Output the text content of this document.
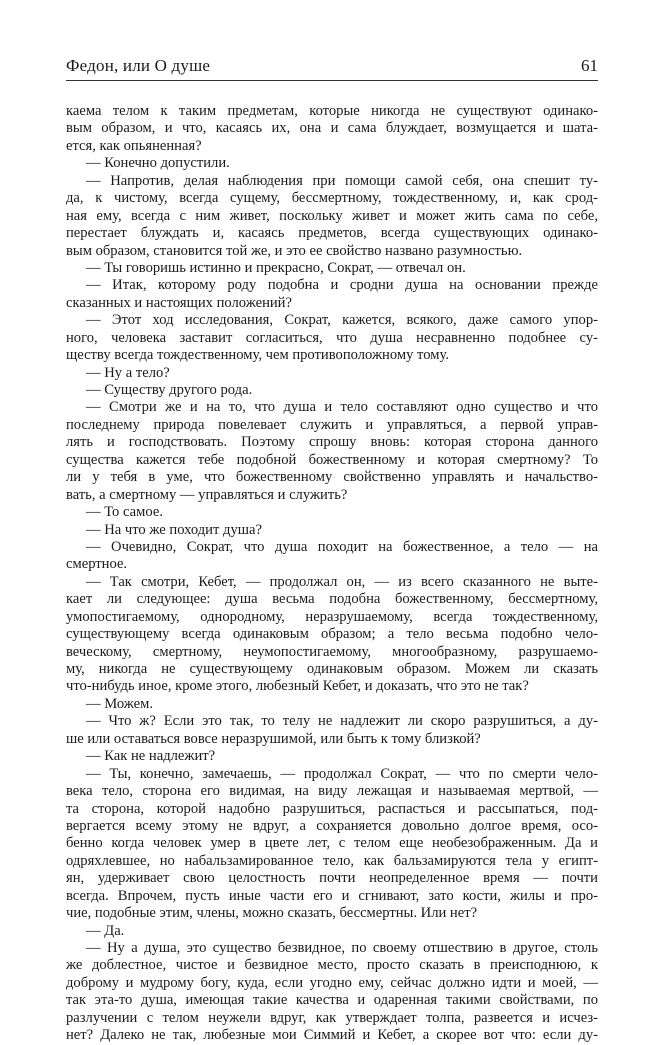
Федон, или О душе	61
каема телом к таким предметам, которые никогда не существуют одинако-
вым образом, и что, касаясь их, она и сама блуждает, возмущается и шата-
ется, как опьяненная?
— Конечно допустили.
— Напротив, делая наблюдения при помощи самой себя, она спешит ту-
да, к чистому, всегда сущему, бессмертному, тождественному, и, как срод-
ная ему, всегда с ним живет, поскольку живет и может жить сама по себе,
перестает блуждать и, касаясь предметов, всегда существующих одинако-
вым образом, становится той же, и это ее свойство названо разумностью.
— Ты говоришь истинно и прекрасно, Сократ, — отвечал он.
— Итак, которому роду подобна и сродни душа на основании прежде
сказанных и настоящих положений?
— Этот ход исследования, Сократ, кажется, всякого, даже самого упор-
ного, человека заставит согласиться, что душа несравненно подобнее су-
ществу всегда тождественному, чем противоположному тому.
— Ну а тело?
— Существу другого рода.
— Смотри же и на то, что душа и тело составляют одно существо и что
последнему природа повелевает служить и управляться, а первой управ-
лять и господствовать. Поэтому спрошу вновь: которая сторона данного
существа кажется тебе подобной божественному и которая смертному? То
ли у тебя в уме, что божественному свойственно управлять и начальство-
вать, а смертному — управляться и служить?
— То самое.
— На что же походит душа?
— Очевидно, Сократ, что душа походит на божественное, а тело — на
смертное.
— Так смотри, Кебет, — продолжал он, — из всего сказанного не выте-
кает ли следующее: душа весьма подобна божественному, бессмертному,
умопостигаемому, однородному, неразрушаемому, всегда тождественному,
существующему всегда одинаковым образом; а тело весьма подобно чело-
веческому, смертному, неумопостигаемому, многообразному, разрушаемо-
му, никогда не существующему одинаковым образом. Можем ли сказать
что-нибудь иное, кроме этого, любезный Кебет, и доказать, что это не так?
— Можем.
— Что ж? Если это так, то телу не надлежит ли скоро разрушиться, а ду-
ше или оставаться вовсе неразрушимой, или быть к тому близкой?
— Как не надлежит?
— Ты, конечно, замечаешь, — продолжал Сократ, — что по смерти чело-
века тело, сторона его видимая, на виду лежащая и называемая мертвой, —
та сторона, которой надобно разрушиться, распасться и рассыпаться, под-
вергается всему этому не вдруг, а сохраняется довольно долгое время, осо-
бенно когда человек умер в цвете лет, с телом еще необезображенным. Да и
одряхлевшее, но набальзамированное тело, как бальзамируются тела у египт-
ян, удерживает свою целостность почти неопределенное время — почти
всегда. Впрочем, пусть иные части его и сгнивают, зато кости, жилы и про-
чие, подобные этим, члены, можно сказать, бессмертны. Или нет?
— Да.
— Ну а душа, это существо безвидное, по своему отшествию в другое, столь
же доблестное, чистое и безвидное место, просто сказать в преисподнюю, к
доброму и мудрому богу, куда, если угодно ему, сейчас должно идти и моей, —
так эта-то душа, имеющая такие качества и одаренная такими свойствами, по
разлучении с телом неужели вдруг, как утверждает толпа, развеется и исчез-
нет? Далеко не так, любезные мои Симмий и Кебет, а скорее вот что: если ду-
